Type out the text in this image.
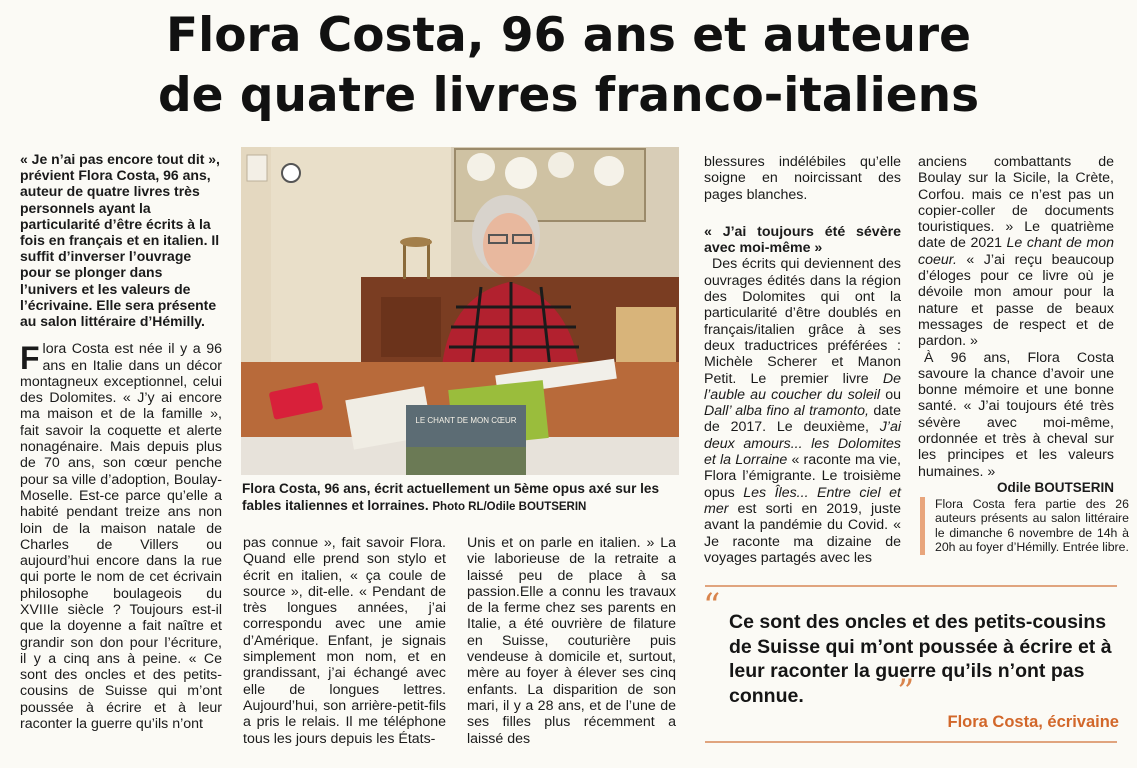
Flora Costa, 96 ans et auteure
de quatre livres franco-italiens

« Je n’ai pas encore tout dit », prévient Flora Costa, 96 ans, auteur de quatre livres très personnels ayant la particularité d’être écrits à la fois en français et en italien. Il suffit d’inverser l’ouvrage pour se plonger dans l’univers et les valeurs de l’écrivaine. Elle sera présente au salon littéraire d’Hémilly.

Flora Costa est née il y a 96 ans en Italie dans un décor montagneux exceptionnel, celui des Dolomites. « J’y ai encore ma maison et de la famille », fait savoir la coquette et alerte nonagénaire. Mais depuis plus de 70 ans, son cœur penche pour sa ville d’adoption, Boulay-Moselle. Est-ce parce qu’elle a habité pendant treize ans non loin de la maison natale de Charles de Villers ou aujourd’hui encore dans la rue qui porte le nom de cet écrivain philosophe boulageois du XVIIIe siècle ? Toujours est-il que la doyenne a fait naître et grandir son don pour l’écriture, il y a cinq ans à peine. « Ce sont des oncles et des petits-cousins de Suisse qui m’ont poussée à écrire et à leur raconter la guerre qu’ils n’ont

LE CHANT DE MON CŒUR
Flora Costa, 96 ans, écrit actuellement un 5ème opus axé sur les fables italiennes et lorraines. Photo RL/Odile BOUTSERIN

pas connue », fait savoir Flora. Quand elle prend son stylo et écrit en italien, « ça coule de source », dit-elle. « Pendant de très longues années, j’ai correspondu avec une amie d’Amérique. Enfant, je signais simplement mon nom, et en grandissant, j’ai échangé avec elle de longues lettres. Aujourd’hui, son arrière-petit-fils a pris le relais. Il me téléphone tous les jours depuis les États-

Unis et on parle en italien. » La vie laborieuse de la retraite a laissé peu de place à sa passion.Elle a connu les travaux de la ferme chez ses parents en Italie, a été ouvrière de filature en Suisse, couturière puis vendeuse à domicile et, surtout, mère au foyer à élever ses cinq enfants. La disparition de son mari, il y a 28 ans, et de l’une de ses filles plus récemment a laissé des

blessures indélébiles qu’elle soigne en noircissant des pages blanches.

« J’ai toujours été sévère avec moi-même »

Des écrits qui deviennent des ouvrages édités dans la région des Dolomites qui ont la particularité d’être doublés en français/italien grâce à ses deux traductrices préférées : Michèle Scherer et Manon Petit. Le premier livre De l’auble au coucher du soleil ou Dall’ alba fino al tramonto, date de 2017. Le deuxième, J’ai deux amours... les Dolomites et la Lorraine « raconte ma vie, Flora l’émigrante. Le troisième opus Les Îles... Entre ciel et mer est sorti en 2019, juste avant la pandémie du Covid. « Je raconte ma dizaine de voyages partagés avec les

anciens combattants de Boulay sur la Sicile, la Crète, Corfou. mais ce n’est pas un copier-coller de documents touristiques. » Le quatrième date de 2021 Le chant de mon coeur. « J’ai reçu beaucoup d’éloges pour ce livre où je dévoile mon amour pour la nature et passe de beaux messages de respect et de pardon. »

À 96 ans, Flora Costa savoure la chance d’avoir une bonne mémoire et une bonne santé. « J’ai toujours été très sévère avec moi-même, ordonnée et très à cheval sur les principes et les valeurs humaines. »

Odile BOUTSERIN

Flora Costa fera partie des 26 auteurs présents au salon littéraire le dimanche 6 novembre de 14h à 20h au foyer d’Hémilly. Entrée libre.
“ Ce sont des oncles et des petits-cousins de Suisse qui m’ont poussée à écrire et à leur raconter la guerre qu’ils n’ont pas connue.	”
Flora Costa, écrivaine
